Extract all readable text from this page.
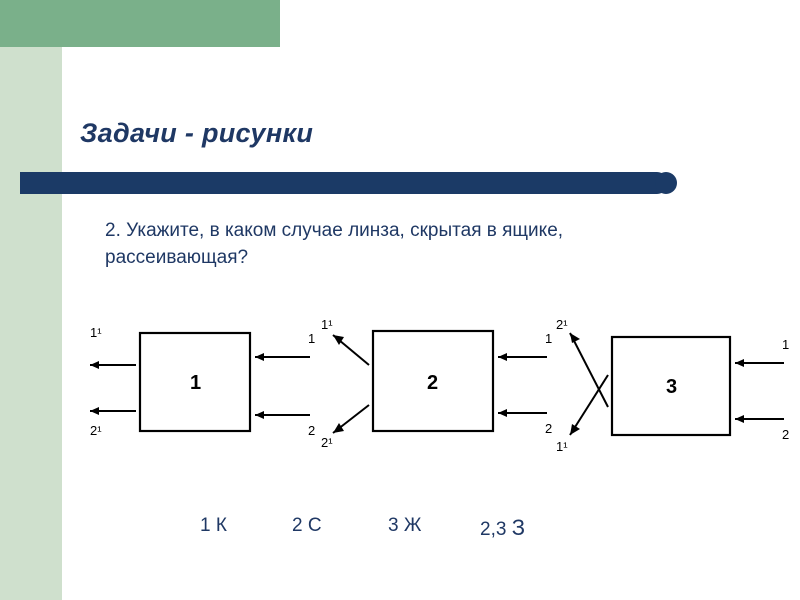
Задачи - рисунки
2. Укажите, в каком случае линза, скрытая в ящике, рассеивающая?
1
1
2
1¹
2¹
2
1
2
1¹
2¹
3
1
2
2¹
1¹
1 К	2 С	3 Ж	2,3 З
